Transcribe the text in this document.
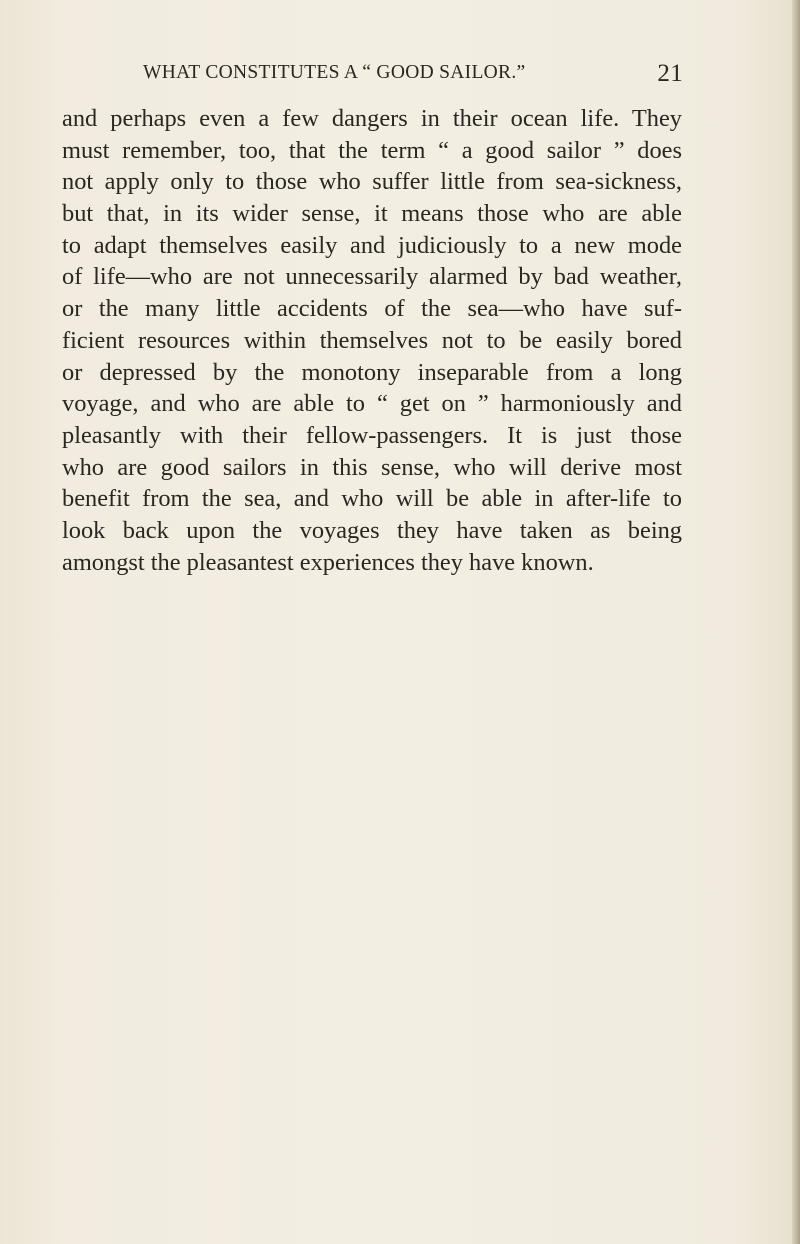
WHAT CONSTITUTES A “ GOOD SAILOR.”	21
and perhaps even a few dangers in their ocean life. They
must remember, too, that the term “ a good sailor ” does
not apply only to those who suffer little from sea-sickness,
but that, in its wider sense, it means those who are able
to adapt themselves easily and judiciously to a new mode
of life—who are not unnecessarily alarmed by bad weather,
or the many little accidents of the sea—who have suf-
ficient resources within themselves not to be easily bored
or depressed by the monotony inseparable from a long
voyage, and who are able to “ get on ” harmoniously and
pleasantly with their fellow-passengers. It is just those
who are good sailors in this sense, who will derive most
benefit from the sea, and who will be able in after-life to
look back upon the voyages they have taken as being
amongst the pleasantest experiences they have known.
